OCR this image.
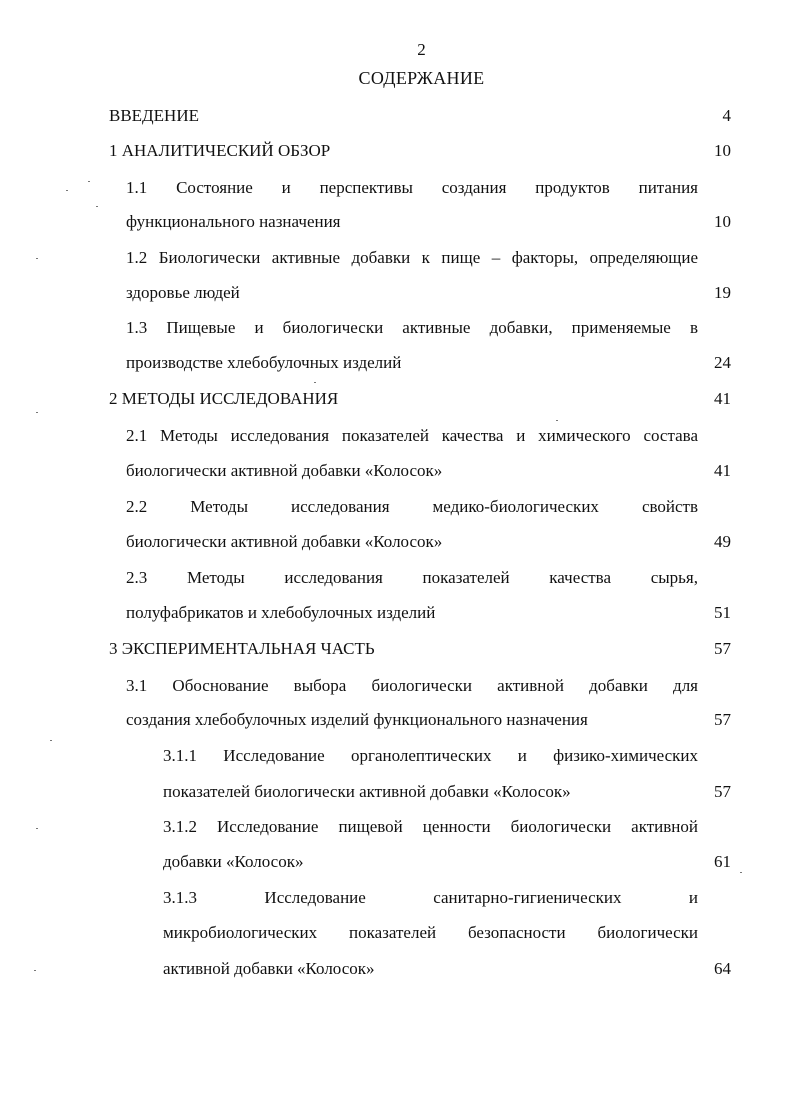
2
СОДЕРЖАНИЕ
ВВЕДЕНИЕ	4
1 АНАЛИТИЧЕСКИЙ ОБЗОР	10
1.1 Состояние и перспективы создания продуктов питания
функционального назначения	10
1.2 Биологически активные добавки к пище – факторы, определяющие
здоровье людей	19
1.3 Пищевые и биологически активные добавки, применяемые в
производстве хлебобулочных изделий	24
2 МЕТОДЫ ИССЛЕДОВАНИЯ	41
2.1 Методы исследования показателей качества и химического состава
биологически активной добавки «Колосок»	41
2.2 Методы исследования медико-биологических свойств
биологически активной добавки «Колосок»	49
2.3 Методы исследования показателей качества сырья,
полуфабрикатов и хлебобулочных изделий	51
3 ЭКСПЕРИМЕНТАЛЬНАЯ ЧАСТЬ	57
3.1 Обоснование выбора биологически активной добавки для
создания хлебобулочных изделий функционального назначения	57
3.1.1 Исследование органолептических и физико-химических
показателей биологически активной добавки «Колосок»	57
3.1.2 Исследование пищевой ценности биологически активной
добавки «Колосок»	61
3.1.3 Исследование санитарно-гигиенических и
микробиологических показателей безопасности биологически
активной добавки «Колосок»	64
